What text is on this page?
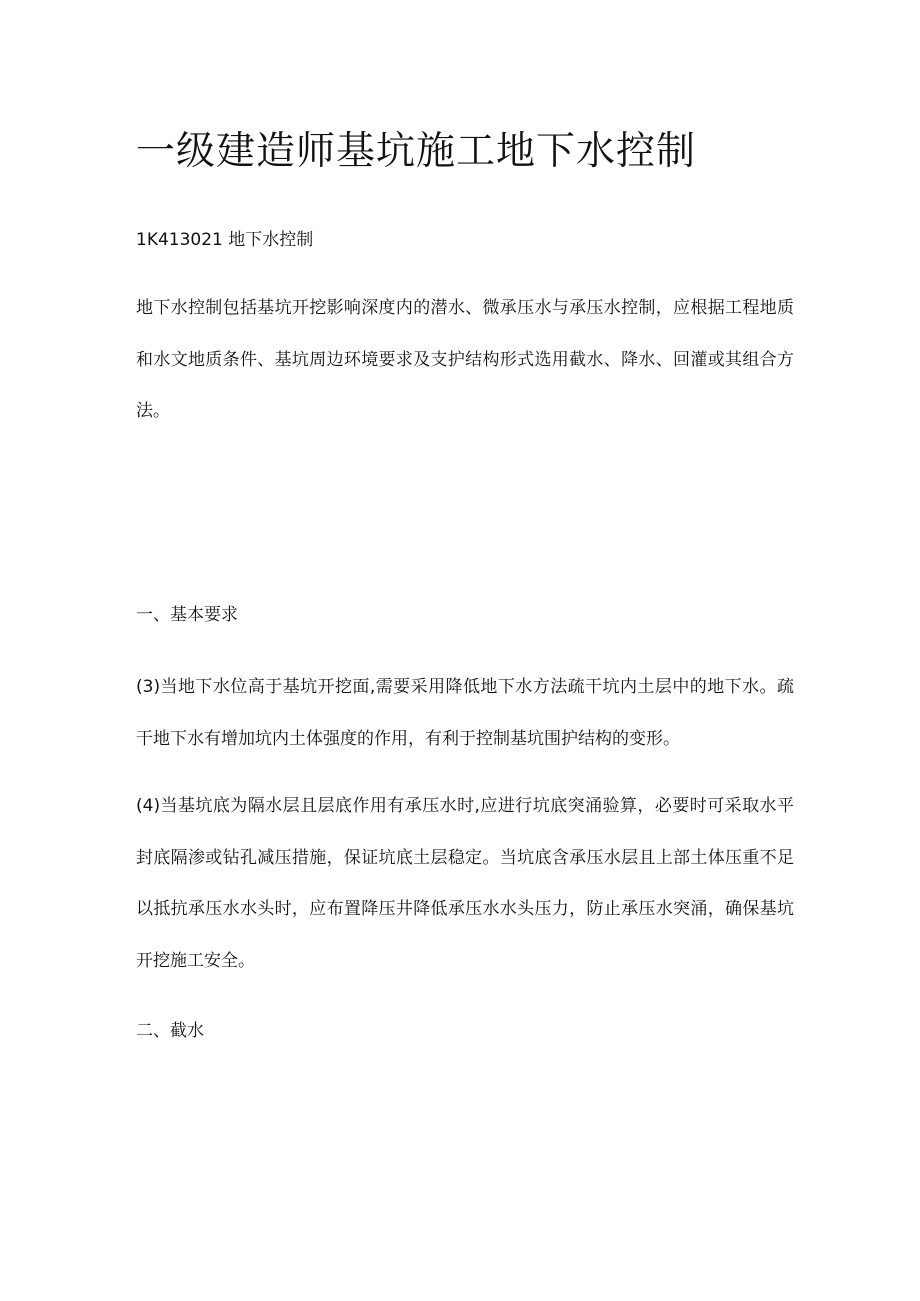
一级建造师基坑施工地下水控制
1K413021 地下水控制

地下水控制包括基坑开挖影响深度内的潜水、微承压水与承压水控制，应根据工程地质和水文地质条件、基坑周边环境要求及支护结构形式选用截水、降水、回灌或其组合方法。

一、基本要求

(3)当地下水位高于基坑开挖面,需要采用降低地下水方法疏干坑内土层中的地下水。疏干地下水有增加坑内土体强度的作用，有利于控制基坑围护结构的变形。

(4)当基坑底为隔水层且层底作用有承压水时,应进行坑底突涌验算，必要时可采取水平封底隔渗或钻孔减压措施，保证坑底土层稳定。当坑底含承压水层且上部土体压重不足以抵抗承压水水头时，应布置降压井降低承压水水头压力，防止承压水突涌，确保基坑开挖施工安全。

二、截水
